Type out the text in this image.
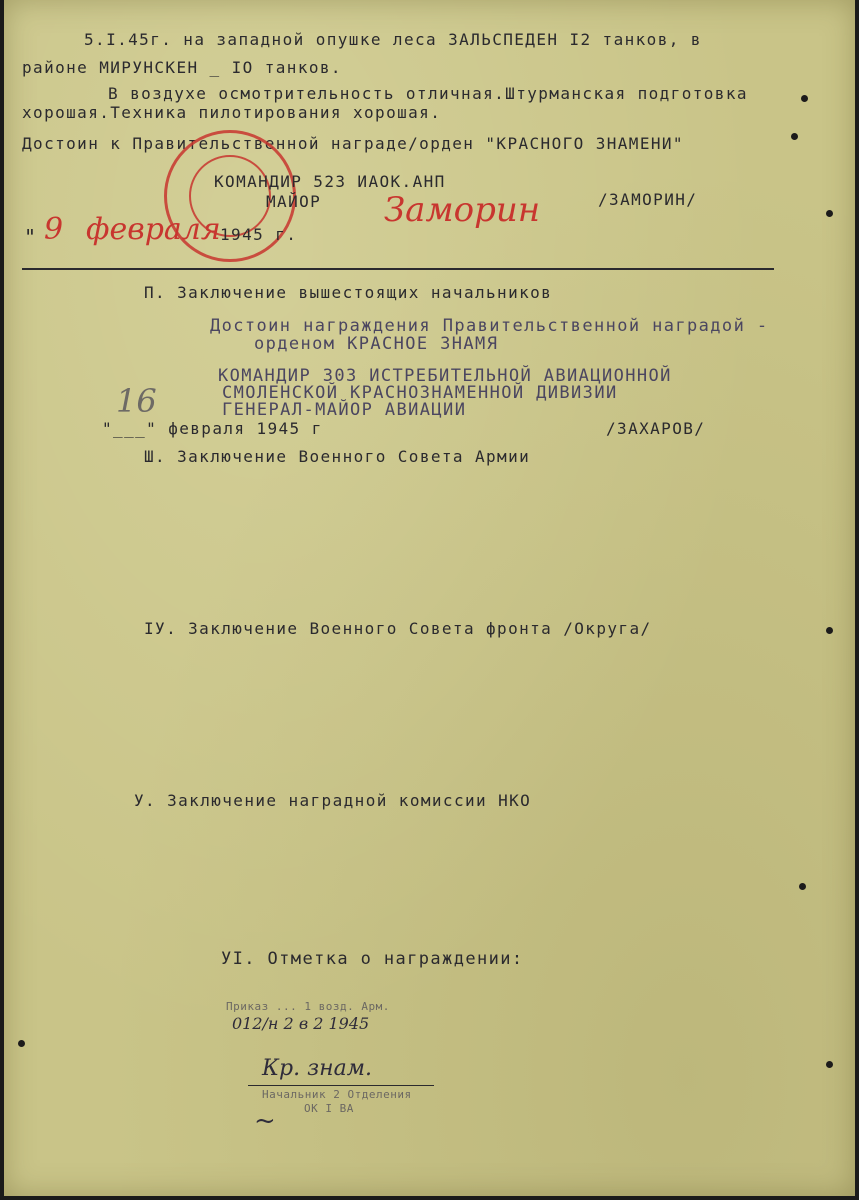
5.I.45г. на западной опушке леса ЗАЛЬСПЕДЕН I2 танков, в
районе МИРУНСКЕН _ IO танков.
В воздухе осмотрительность отличная.Штурманская подготовка
хорошая.Техника пилотирования хорошая.
Достоин к Правительственной награде/орден "КРАСНОГО ЗНАМЕНИ"
КОМАНДИР 523 ИАОК.АНП
МАЙОР	/ЗАМОРИН/
Заморин
" 9 февраля 1945 г.
П. Заключение вышестоящих начальников
Достоин награждения Правительственной наградой -
орденом КРАСНОЕ ЗНАМЯ
КОМАНДИР 303 ИСТРЕБИТЕЛЬНОЙ АВИАЦИОННОЙ
СМОЛЕНСКОЙ КРАСНОЗНАМЕННОЙ ДИВИЗИИ
ГЕНЕРАЛ-МАЙОР АВИАЦИИ
16
"___" февраля 1945 г	/ЗАХАРОВ/
Ш. Заключение Военного Совета Армии
IУ. Заключение Военного Совета фронта /Округа/
У. Заключение наградной комиссии НКО
УI. Отметка о награждении:
Приказ ... 1 возд. Арм.
012/н 2 в 2 1945
Кр. знам.
Начальник 2 Отделения
ОК I ВА
~
